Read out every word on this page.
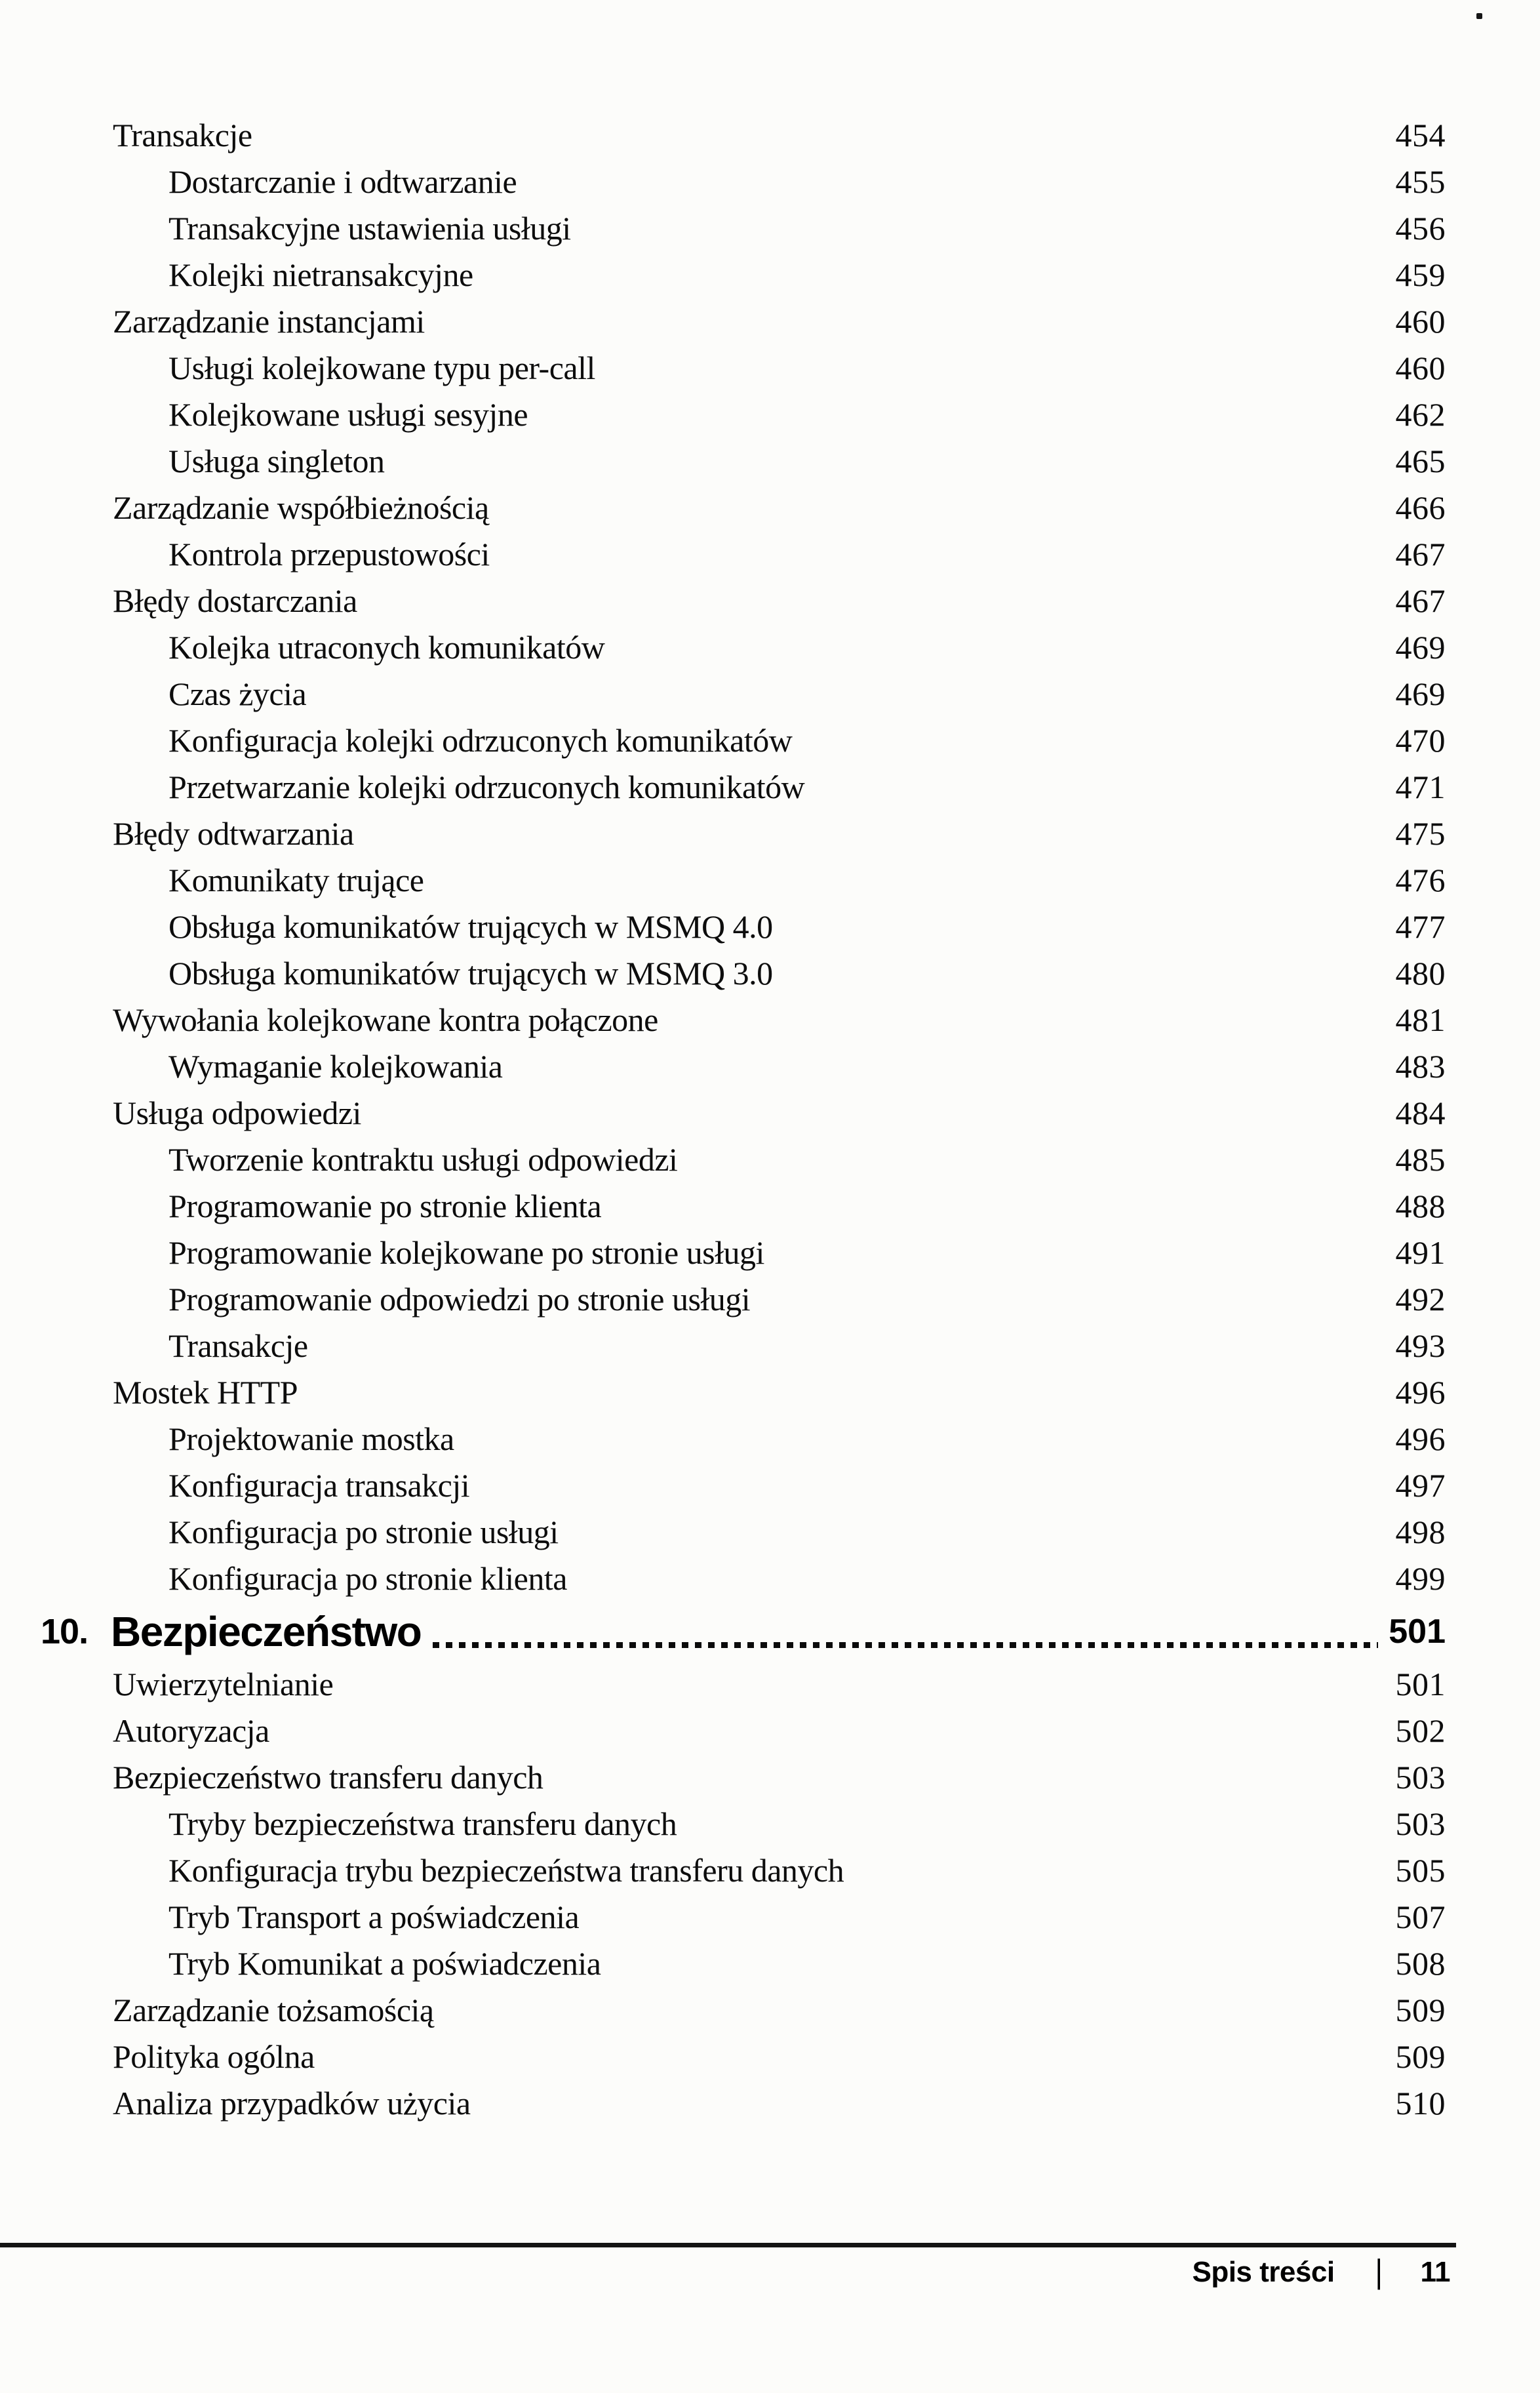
Transakcje	454
Dostarczanie i odtwarzanie	455
Transakcyjne ustawienia usługi	456
Kolejki nietransakcyjne	459
Zarządzanie instancjami	460
Usługi kolejkowane typu per-call	460
Kolejkowane usługi sesyjne	462
Usługa singleton	465
Zarządzanie współbieżnością	466
Kontrola przepustowości	467
Błędy dostarczania	467
Kolejka utraconych komunikatów	469
Czas życia	469
Konfiguracja kolejki odrzuconych komunikatów	470
Przetwarzanie kolejki odrzuconych komunikatów	471
Błędy odtwarzania	475
Komunikaty trujące	476
Obsługa komunikatów trujących w MSMQ 4.0	477
Obsługa komunikatów trujących w MSMQ 3.0	480
Wywołania kolejkowane kontra połączone	481
Wymaganie kolejkowania	483
Usługa odpowiedzi	484
Tworzenie kontraktu usługi odpowiedzi	485
Programowanie po stronie klienta	488
Programowanie kolejkowane po stronie usługi	491
Programowanie odpowiedzi po stronie usługi	492
Transakcje	493
Mostek HTTP	496
Projektowanie mostka	496
Konfiguracja transakcji	497
Konfiguracja po stronie usługi	498
Konfiguracja po stronie klienta	499
10. Bezpieczeństwo	501
Uwierzytelnianie	501
Autoryzacja	502
Bezpieczeństwo transferu danych	503
Tryby bezpieczeństwa transferu danych	503
Konfiguracja trybu bezpieczeństwa transferu danych	505
Tryb Transport a poświadczenia	507
Tryb Komunikat a poświadczenia	508
Zarządzanie tożsamością	509
Polityka ogólna	509
Analiza przypadków użycia	510
Spis treści | 11
